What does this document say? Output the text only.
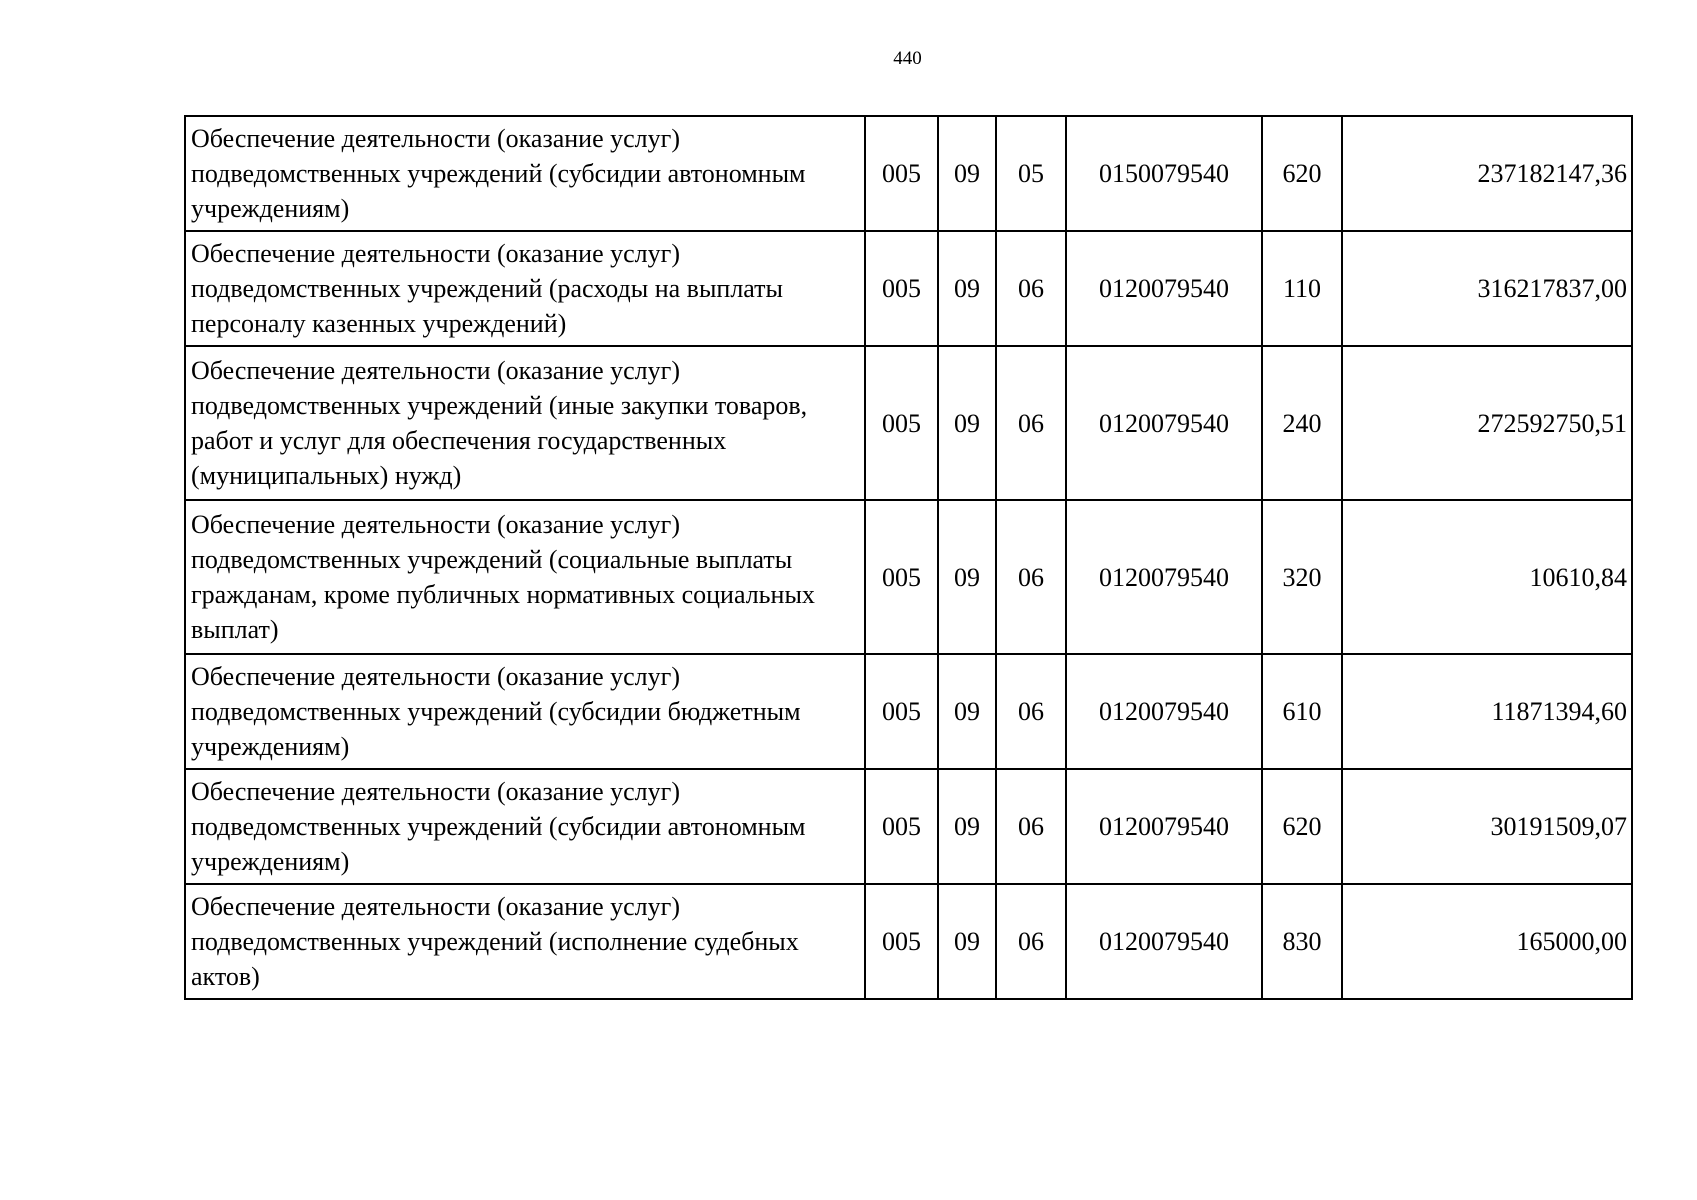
440
Обеспечение деятельности (оказание услуг) подведомственных учреждений (субсидии автономным учреждениям)	005	09	05	0150079540	620	237182147,36
Обеспечение деятельности (оказание услуг) подведомственных учреждений (расходы на выплаты персоналу казенных учреждений)	005	09	06	0120079540	110	316217837,00
Обеспечение деятельности (оказание услуг) подведомственных учреждений (иные закупки товаров, работ и услуг для обеспечения государственных (муниципальных) нужд)	005	09	06	0120079540	240	272592750,51
Обеспечение деятельности (оказание услуг) подведомственных учреждений (социальные выплаты гражданам, кроме публичных нормативных социальных выплат)	005	09	06	0120079540	320	10610,84
Обеспечение деятельности (оказание услуг) подведомственных учреждений (субсидии бюджетным учреждениям)	005	09	06	0120079540	610	11871394,60
Обеспечение деятельности (оказание услуг) подведомственных учреждений (субсидии автономным учреждениям)	005	09	06	0120079540	620	30191509,07
Обеспечение деятельности (оказание услуг) подведомственных учреждений (исполнение судебных актов)	005	09	06	0120079540	830	165000,00
